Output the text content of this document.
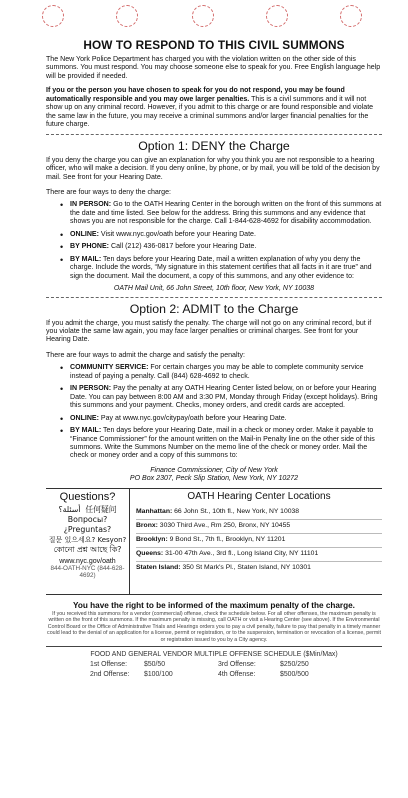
HOW TO RESPOND TO THIS CIVIL SUMMONS

The New York Police Department has charged you with the violation written on the other side of this summons. You must respond. You may choose someone else to speak for you. Free English language help will be provided if needed.

If you or the person you have chosen to speak for you do not respond, you may be found automatically responsible and you may owe larger penalties. This is a civil summons and it will not show up on any criminal record. However, if you admit to this charge or are found responsible and violate the same law in the future, you may receive a criminal summons and/or larger financial penalties for the future charge.

Option 1: DENY the Charge

If you deny the charge you can give an explanation for why you think you are not responsible to a hearing officer, who will make a decision. If you deny online, by phone, or by mail, you will be told of the decision by mail. See front for your Hearing Date.

There are four ways to deny the charge:

• IN PERSON: Go to the OATH Hearing Center in the borough written on the front of this summons at the date and time listed. See below for the address. Bring this summons and any evidence that shows you are not responsible for the charge. Call 1-844-628-4692 for disability accommodation.
• ONLINE: Visit www.nyc.gov/oath before your Hearing Date.
• BY PHONE: Call (212) 436-0817 before your Hearing Date.
• BY MAIL: Ten days before your Hearing Date, mail a written explanation of why you deny the charge. Include the words, “My signature in this statement certifies that all facts in it are true” and sign the document. Mail the document, a copy of this summons, and any other evidence to:

OATH Mail Unit, 66 John Street, 10th floor, New York, NY 10038

Option 2: ADMIT to the Charge

If you admit the charge, you must satisfy the penalty. The charge will not go on any criminal record, but if you violate the same law again, you may face larger penalties or criminal charges. See front for your Hearing Date.

There are four ways to admit the charge and satisfy the penalty:

• COMMUNITY SERVICE: For certain charges you may be able to complete community service instead of paying a penalty. Call (844) 628-4692 to check.
• IN PERSON: Pay the penalty at any OATH Hearing Center listed below, on or before your Hearing Date. You can pay between 8:00 AM and 3:30 PM, Monday through Friday (except holidays). Bring this summons and your payment. Checks, money orders, and credit cards are accepted.
• ONLINE: Pay at www.nyc.gov/citypay/oath before your Hearing Date.
• BY MAIL: Ten days before your Hearing Date, mail in a check or money order. Make it payable to “Finance Commissioner” for the amount written on the Mail-in Penalty line on the other side of this summons. Write the Summons Number on the memo line of the check or money order. Mail the check or money order and a copy of this summons to:

Finance Commissioner, City of New York

PO Box 2307, Peck Slip Station, New York, NY 10272

Questions?
أسئلة؟ 任何疑问
Вопросы? ¿Preguntas?
질문 있으세요? Kesyon?
কোনো প্রশ্ন আছে কি?
www.nyc.gov/oath
844-OATH-NYC (844-628-4692)
OATH Hearing Center Locations
Manhattan: 66 John St., 10th fl., New York, NY 10038
Bronx: 3030 Third Ave., Rm 250, Bronx, NY 10455
Brooklyn: 9 Bond St., 7th fl., Brooklyn, NY 11201
Queens: 31-00 47th Ave., 3rd fl., Long Island City, NY 11101
Staten Island: 350 St Mark's Pl., Staten Island, NY 10301
You have the right to be informed of the maximum penalty of the charge.

If you received this summons for a vendor (commercial) offense, check the schedule below. For all other offenses, the maximum penalty is written on the front of this summons. If the maximum penalty is missing, call OATH or visit a Hearing Center (see above). If the Environmental Control Board or the Office of Administrative Trials and Hearings orders you to pay a civil penalty, failure to pay that penalty in a timely manner could lead to the denial of an application for a license, permit or registration, or to the suspension, termination or revocation of a license, permit or registration issued to you by a City agency.

FOOD AND GENERAL VENDOR MULTIPLE OFFENSE SCHEDULE ($Min/Max)
1st Offense:	$50/50	3rd Offense:	$250/250
2nd Offense:	$100/100	4th Offense:	$500/500
